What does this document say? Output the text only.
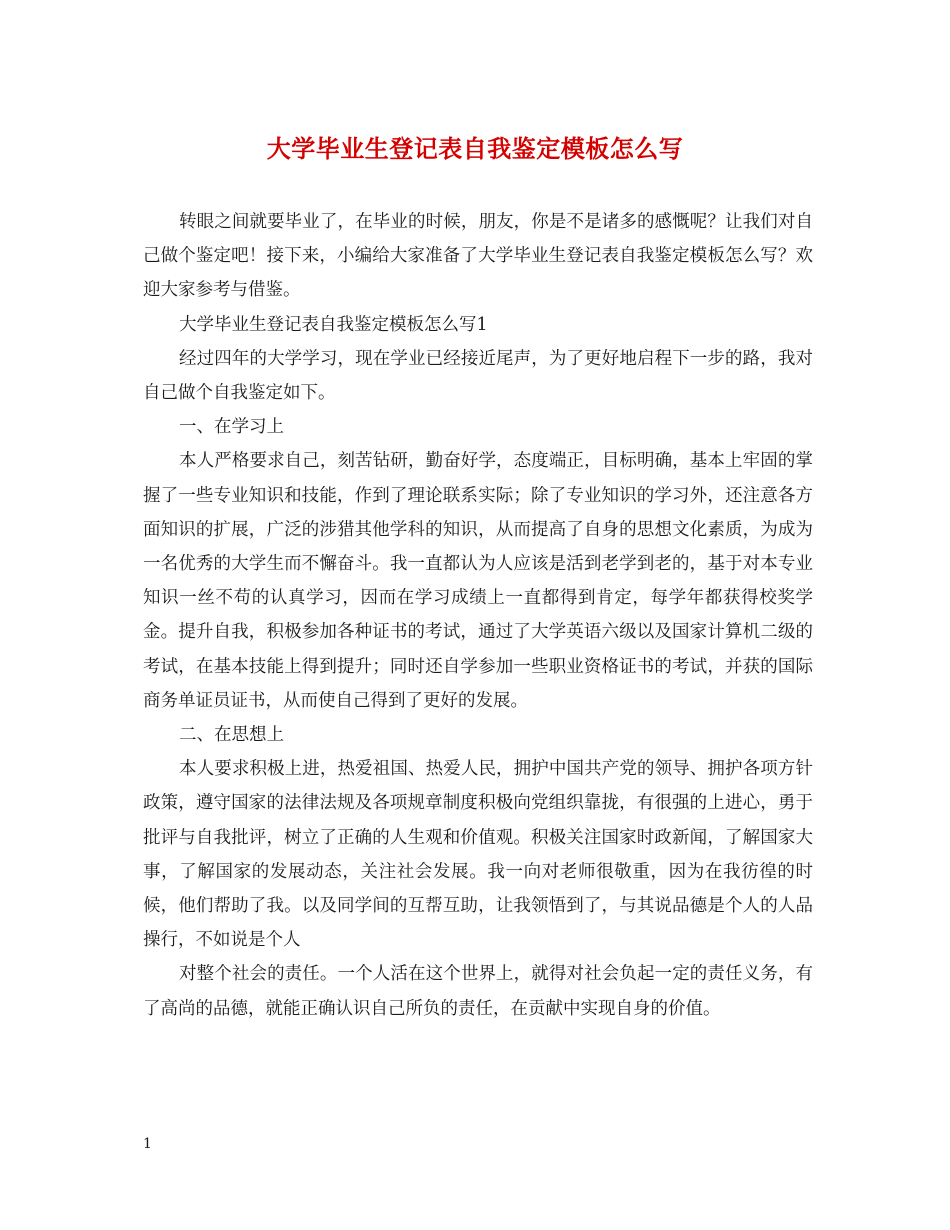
大学毕业生登记表自我鉴定模板怎么写

转眼之间就要毕业了，在毕业的时候，朋友，你是不是诸多的感慨呢？让我们对自己做个鉴定吧！接下来，小编给大家准备了大学毕业生登记表自我鉴定模板怎么写？欢迎大家参考与借鉴。

大学毕业生登记表自我鉴定模板怎么写1

经过四年的大学学习，现在学业已经接近尾声，为了更好地启程下一步的路，我对自己做个自我鉴定如下。

一、在学习上

本人严格要求自己，刻苦钻研，勤奋好学，态度端正，目标明确，基本上牢固的掌握了一些专业知识和技能，作到了理论联系实际；除了专业知识的学习外，还注意各方面知识的扩展，广泛的涉猎其他学科的知识，从而提高了自身的思想文化素质，为成为一名优秀的大学生而不懈奋斗。我一直都认为人应该是活到老学到老的，基于对本专业知识一丝不苟的认真学习，因而在学习成绩上一直都得到肯定，每学年都获得校奖学金。提升自我，积极参加各种证书的考试，通过了大学英语六级以及国家计算机二级的考试，在基本技能上得到提升；同时还自学参加一些职业资格证书的考试，并获的国际商务单证员证书，从而使自己得到了更好的发展。

二、在思想上

本人要求积极上进，热爱祖国、热爱人民，拥护中国共产党的领导、拥护各项方针政策，遵守国家的法律法规及各项规章制度积极向党组织靠拢，有很强的上进心，勇于批评与自我批评，树立了正确的人生观和价值观。积极关注国家时政新闻，了解国家大事，了解国家的发展动态，关注社会发展。我一向对老师很敬重，因为在我彷徨的时候，他们帮助了我。以及同学间的互帮互助，让我领悟到了，与其说品德是个人的人品操行，不如说是个人

对整个社会的责任。一个人活在这个世界上，就得对社会负起一定的责任义务，有了高尚的品德，就能正确认识自己所负的责任，在贡献中实现自身的价值。

1
